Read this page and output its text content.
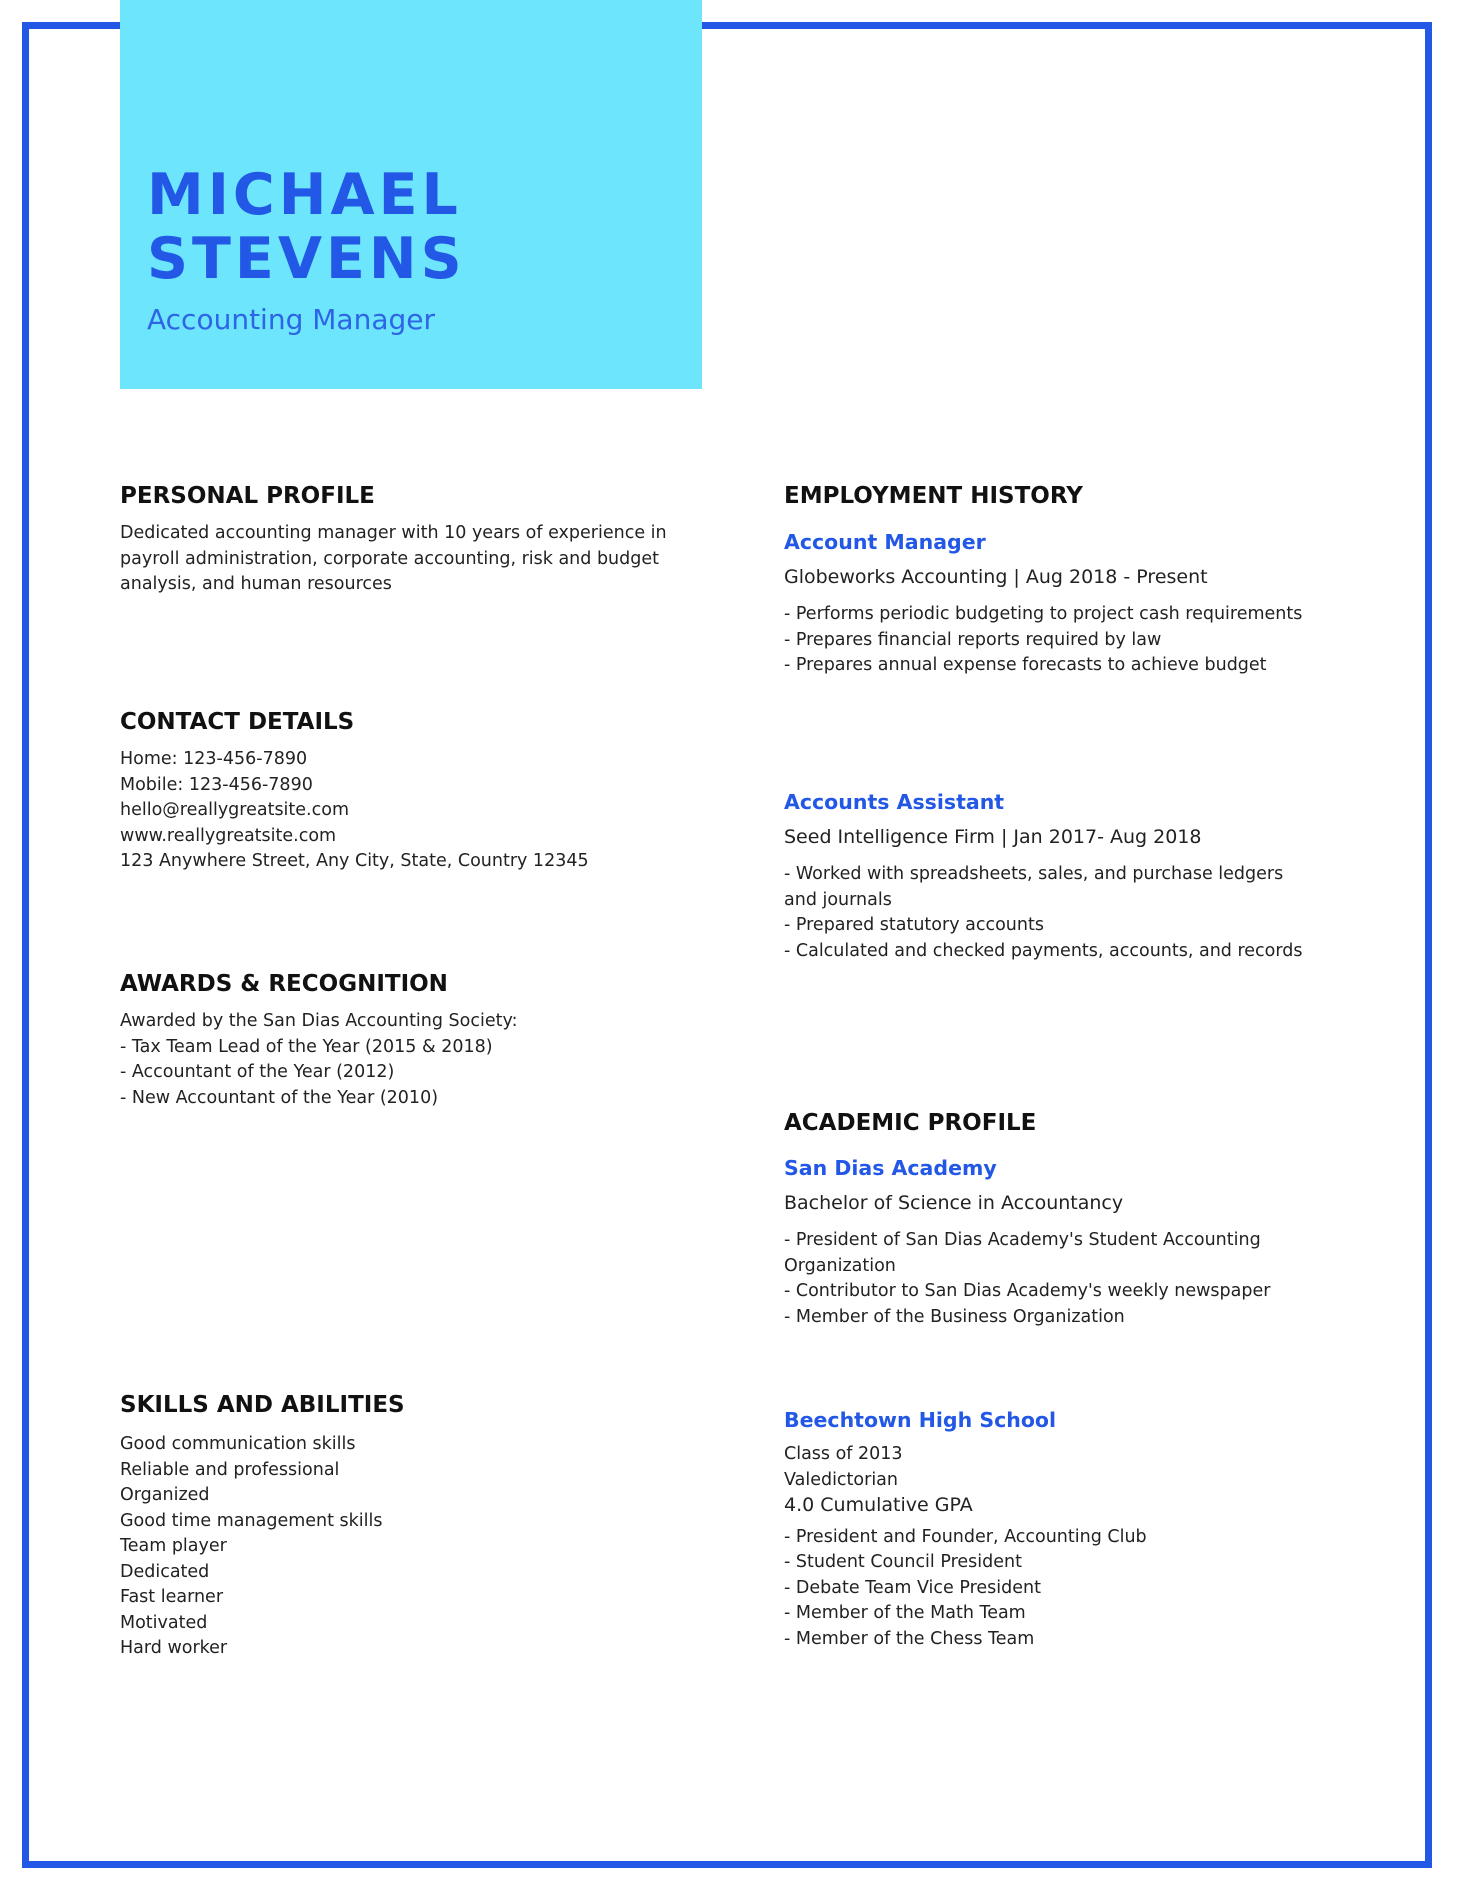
MICHAEL
STEVENS

Accounting Manager

PERSONAL PROFILE

Dedicated accounting manager with 10 years of experience in payroll administration, corporate accounting, risk and budget analysis, and human resources

CONTACT DETAILS
Home: 123-456-7890
Mobile: 123-456-7890
hello@reallygreatsite.com
www.reallygreatsite.com
123 Anywhere Street, Any City, State, Country 12345
AWARDS & RECOGNITION
Awarded by the San Dias Accounting Society:
- Tax Team Lead of the Year (2015 & 2018)
- Accountant of the Year (2012)
- New Accountant of the Year (2010)
SKILLS AND ABILITIES
Good communication skills
Reliable and professional
Organized
Good time management skills
Team player
Dedicated
Fast learner
Motivated
Hard worker
EMPLOYMENT HISTORY
Account Manager

Globeworks Accounting | Aug 2018 - Present

- Performs periodic budgeting to project cash requirements
- Prepares financial reports required by law
- Prepares annual expense forecasts to achieve budget
Accounts Assistant

Seed Intelligence Firm | Jan 2017- Aug 2018

- Worked with spreadsheets, sales, and purchase ledgers and journals

- Prepared statutory accounts
- Calculated and checked payments, accounts, and records
ACADEMIC PROFILE
San Dias Academy

Bachelor of Science in Accountancy

- President of San Dias Academy's Student Accounting Organization

- Contributor to San Dias Academy's weekly newspaper
- Member of the Business Organization
Beechtown High School
Class of 2013
Valedictorian
4.0 Cumulative GPA
- President and Founder, Accounting Club
- Student Council President
- Debate Team Vice President
- Member of the Math Team
- Member of the Chess Team
